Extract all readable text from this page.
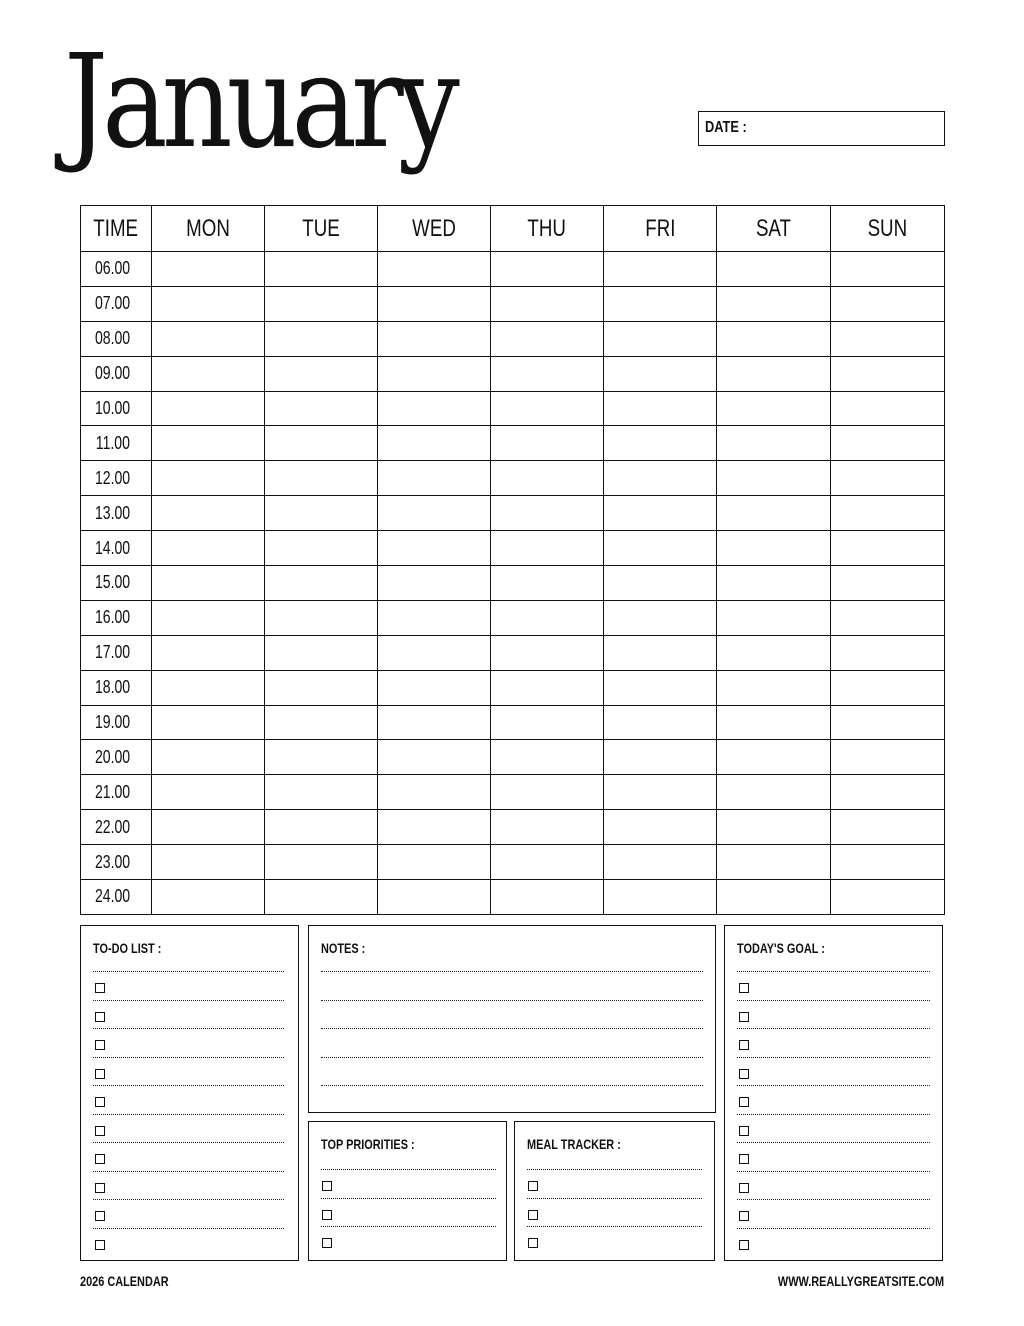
January	DATE :
TIME	MON	TUE	WED	THU	FRI	SAT	SUN
06.00							
07.00							
08.00							
09.00							
10.00							
11.00							
12.00							
13.00							
14.00							
15.00							
16.00							
17.00							
18.00							
19.00							
20.00							
21.00							
22.00							
23.00							
24.00							
TO-DO LIST :	NOTES :
TOP PRIORITIES :	MEAL TRACKER :
TODAY'S GOAL :
2026 CALENDAR	WWW.REALLYGREATSITE.COM
